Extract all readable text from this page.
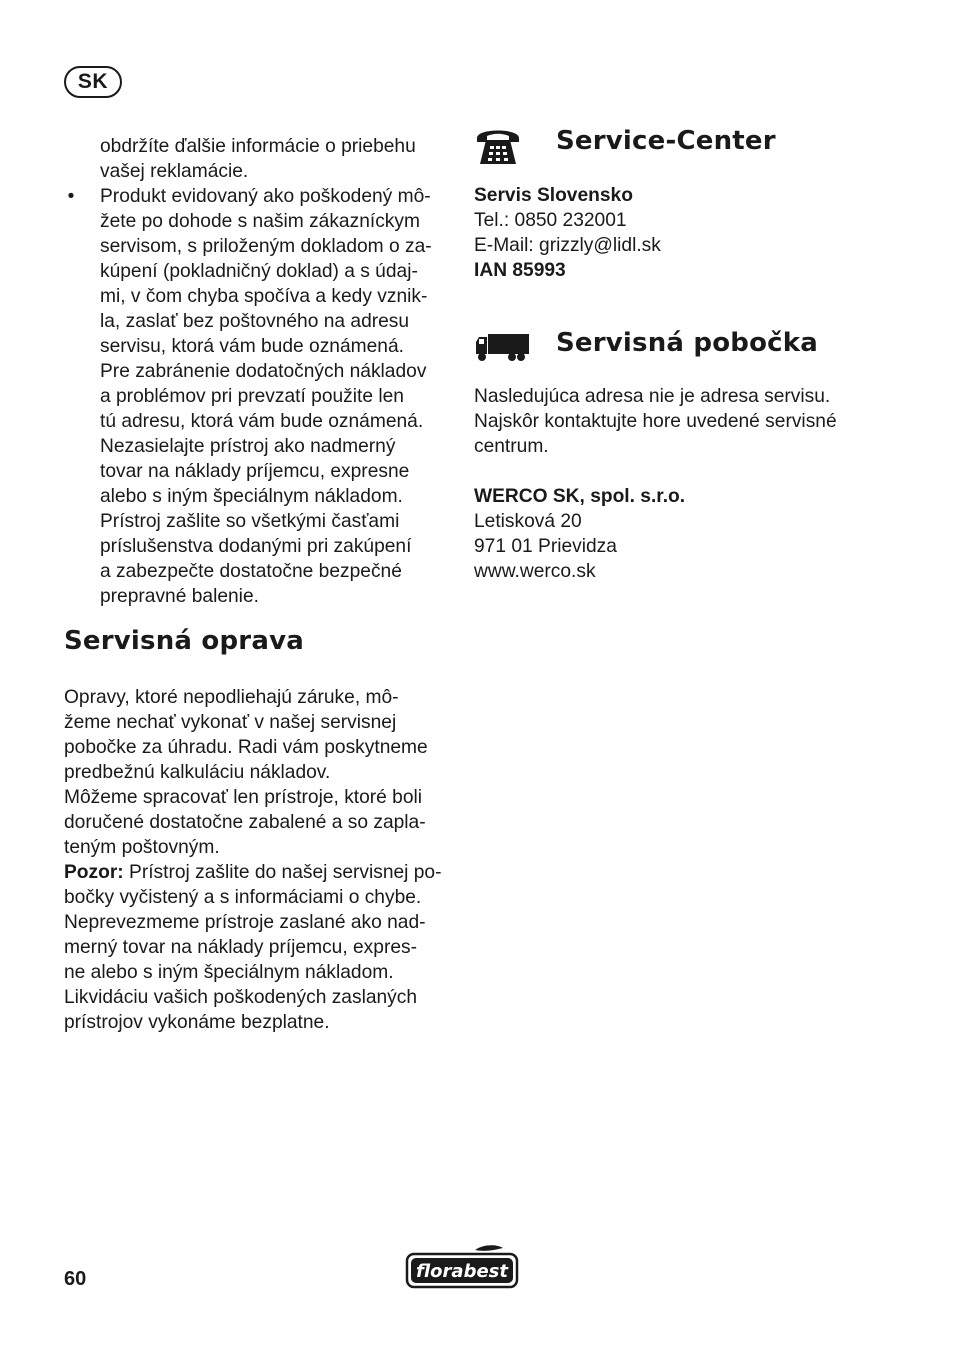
SK
obdržíte ďalšie informácie o priebehu
vašej reklamácie.
• Produkt evidovaný ako poškodený mô-
žete po dohode s našim zákazníckym
servisom, s priloženým dokladom o za-
kúpení (pokladničný doklad) a s údaj-
mi, v čom chyba spočíva a kedy vznik-
la, zaslať bez poštovného na adresu
servisu, ktorá vám bude oznámená.
Pre zabránenie dodatočných nákladov
a problémov pri prevzatí použite len
tú adresu, ktorá vám bude oznámená.
Nezasielajte prístroj ako nadmerný
tovar na náklady príjemcu, expresne
alebo s iným špeciálnym nákladom.
Prístroj zašlite so všetkými časťami
príslušenstva dodanými pri zakúpení
a zabezpečte dostatočne bezpečné
prepravné balenie.
Servisná oprava
Opravy, ktoré nepodliehajú záruke, mô-
žeme nechať vykonať v našej servisnej
pobočke za úhradu. Radi vám poskytneme
predbežnú kalkuláciu nákladov.
Môžeme spracovať len prístroje, ktoré boli
doručené dostatočne zabalené a so zapla-
teným poštovným.
Pozor: Prístroj zašlite do našej servisnej po-
bočky vyčistený a s informáciami o chybe.
Neprevezmeme prístroje zaslané ako nad-
merný tovar na náklady príjemcu, expres-
ne alebo s iným špeciálnym nákladom.
Likvidáciu vašich poškodených zaslaných
prístrojov vykonáme bezplatne.
Service-Center
Servis Slovensko
Tel.: 0850 232001
E-Mail: grizzly@lidl.sk
IAN 85993
Servisná pobočka
Nasledujúca adresa nie je adresa servisu.
Najskôr kontaktujte hore uvedené servisné
centrum.
WERCO SK, spol. s.r.o.
Letisková 20
971 01 Prievidza
www.werco.sk
60	florabest
